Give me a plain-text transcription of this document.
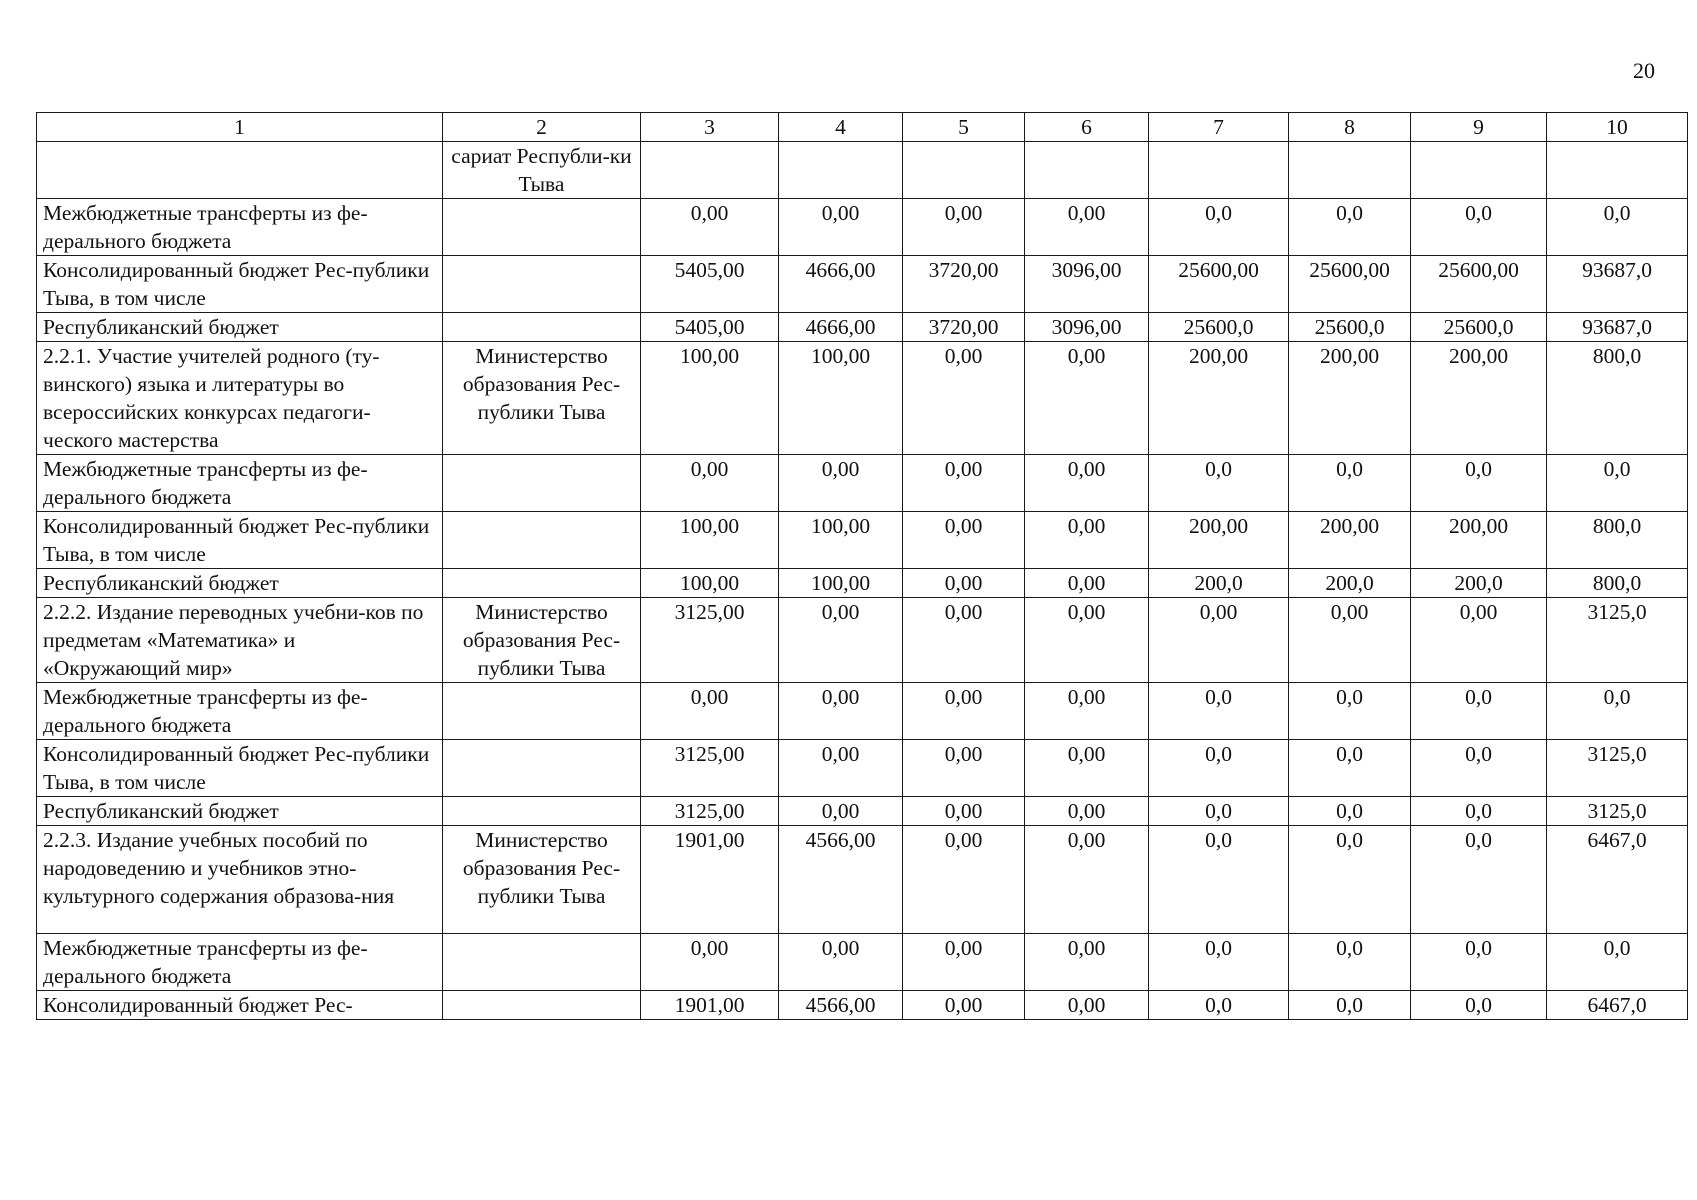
20
1	2	3	4	5	6	7	8	9	10
	сариат Республи-ки Тыва								
Межбюджетные трансферты из фе-дерального бюджета		0,00	0,00	0,00	0,00	0,0	0,0	0,0	0,0
Консолидированный бюджет Рес-публики Тыва, в том числе		5405,00	4666,00	3720,00	3096,00	25600,00	25600,00	25600,00	93687,0
Республиканский бюджет		5405,00	4666,00	3720,00	3096,00	25600,0	25600,0	25600,0	93687,0
2.2.1. Участие учителей родного (ту-винского) языка и литературы во всероссийских конкурсах педагоги-ческого мастерства	Министерство образования Рес-публики Тыва	100,00	100,00	0,00	0,00	200,00	200,00	200,00	800,0
Межбюджетные трансферты из фе-дерального бюджета		0,00	0,00	0,00	0,00	0,0	0,0	0,0	0,0
Консолидированный бюджет Рес-публики Тыва, в том числе		100,00	100,00	0,00	0,00	200,00	200,00	200,00	800,0
Республиканский бюджет		100,00	100,00	0,00	0,00	200,0	200,0	200,0	800,0
2.2.2. Издание переводных учебни-ков по предметам «Математика» и «Окружающий мир»	Министерство образования Рес-публики Тыва	3125,00	0,00	0,00	0,00	0,00	0,00	0,00	3125,0
Межбюджетные трансферты из фе-дерального бюджета		0,00	0,00	0,00	0,00	0,0	0,0	0,0	0,0
Консолидированный бюджет Рес-публики Тыва, в том числе		3125,00	0,00	0,00	0,00	0,0	0,0	0,0	3125,0
Республиканский бюджет		3125,00	0,00	0,00	0,00	0,0	0,0	0,0	3125,0
2.2.3. Издание учебных пособий по народоведению и учебников этно-культурного содержания образова-ния	Министерство образования Рес-публики Тыва	1901,00	4566,00	0,00	0,00	0,0	0,0	0,0	6467,0
Межбюджетные трансферты из фе-дерального бюджета		0,00	0,00	0,00	0,00	0,0	0,0	0,0	0,0
Консолидированный бюджет Рес-		1901,00	4566,00	0,00	0,00	0,0	0,0	0,0	6467,0
